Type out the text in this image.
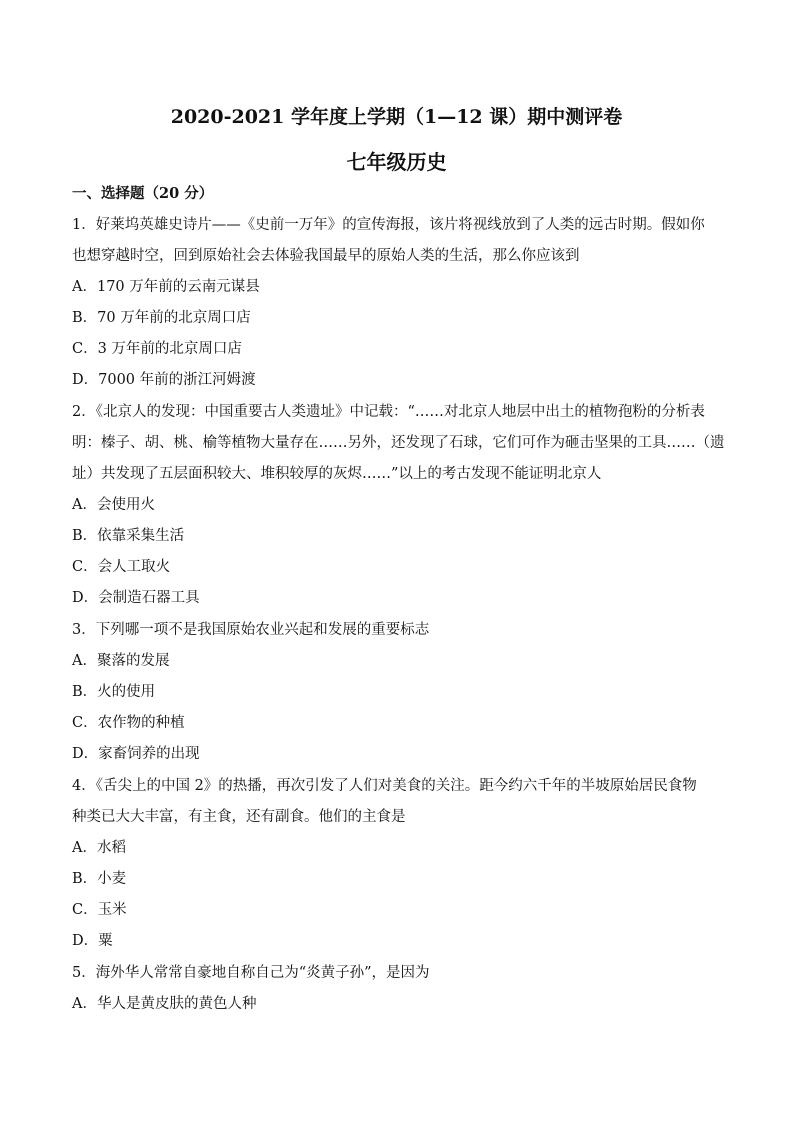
2020-2021 学年度上学期（1—12 课）期中测评卷
七年级历史
一、选择题（20 分）
1．好莱坞英雄史诗片——《史前一万年》的宣传海报，该片将视线放到了人类的远古时期。假如你
也想穿越时空，回到原始社会去体验我国最早的原始人类的生活，那么你应该到
A．170 万年前的云南元谋县
B．70 万年前的北京周口店
C．3 万年前的北京周口店
D．7000 年前的浙江河姆渡
2．《北京人的发现：中国重要古人类遗址》中记载：“……对北京人地层中出土的植物孢粉的分析表
明：榛子、胡、桃、榆等植物大量存在……另外，还发现了石球，它们可作为砸击坚果的工具……（遗
址）共发现了五层面积较大、堆积较厚的灰烬……”以上的考古发现不能证明北京人
A．会使用火
B．依靠采集生活
C．会人工取火
D．会制造石器工具
3．下列哪一项不是我国原始农业兴起和发展的重要标志
A．聚落的发展
B．火的使用
C．农作物的种植
D．家畜饲养的出现
4．《舌尖上的中国 2》的热播，再次引发了人们对美食的关注。距今约六千年的半坡原始居民食物
种类已大大丰富，有主食，还有副食。他们的主食是
A．水稻
B．小麦
C．玉米
D．粟
5．海外华人常常自豪地自称自己为“炎黄子孙”，是因为
A．华人是黄皮肤的黄色人种
